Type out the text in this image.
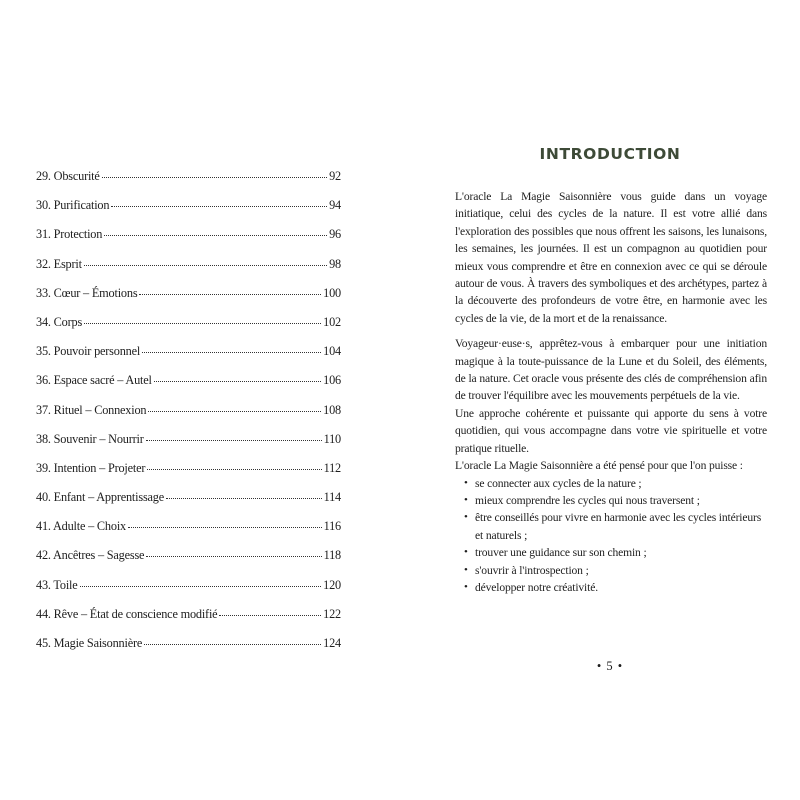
29. Obscurité	92
30. Purification	94
31. Protection	96
32. Esprit	98
33. Cœur – Émotions	100
34. Corps	102
35. Pouvoir personnel	104
36. Espace sacré – Autel	106
37. Rituel – Connexion	108
38. Souvenir – Nourrir	110
39. Intention – Projeter	112
40. Enfant – Apprentissage	114
41. Adulte – Choix	116
42. Ancêtres – Sagesse	118
43. Toile	120
44. Rêve – État de conscience modifié	122
45. Magie Saisonnière	124
INTRODUCTION

L'oracle La Magie Saisonnière vous guide dans un voyage initiatique, celui des cycles de la nature. Il est votre allié dans l'exploration des possibles que nous offrent les saisons, les lunaisons, les semaines, les journées. Il est un compagnon au quotidien pour mieux vous comprendre et être en connexion avec ce qui se déroule autour de vous. À travers des symboliques et des archétypes, partez à la découverte des profondeurs de votre être, en harmonie avec les cycles de la vie, de la mort et de la renaissance.

Voyageur·euse·s, apprêtez-vous à embarquer pour une initiation magique à la toute-puissance de la Lune et du Soleil, des éléments, de la nature. Cet oracle vous présente des clés de compréhension afin de trouver l'équilibre avec les mouvements perpétuels de la vie.

Une approche cohérente et puissante qui apporte du sens à votre quotidien, qui vous accompagne dans votre vie spirituelle et votre pratique rituelle.

L'oracle La Magie Saisonnière a été pensé pour que l'on puisse :

• se connecter aux cycles de la nature ;
• mieux comprendre les cycles qui nous traversent ;
• être conseillés pour vivre en harmonie avec les cycles intérieurs et naturels ;
• trouver une guidance sur son chemin ;
• s'ouvrir à l'introspection ;
• développer notre créativité.
• 5 •
